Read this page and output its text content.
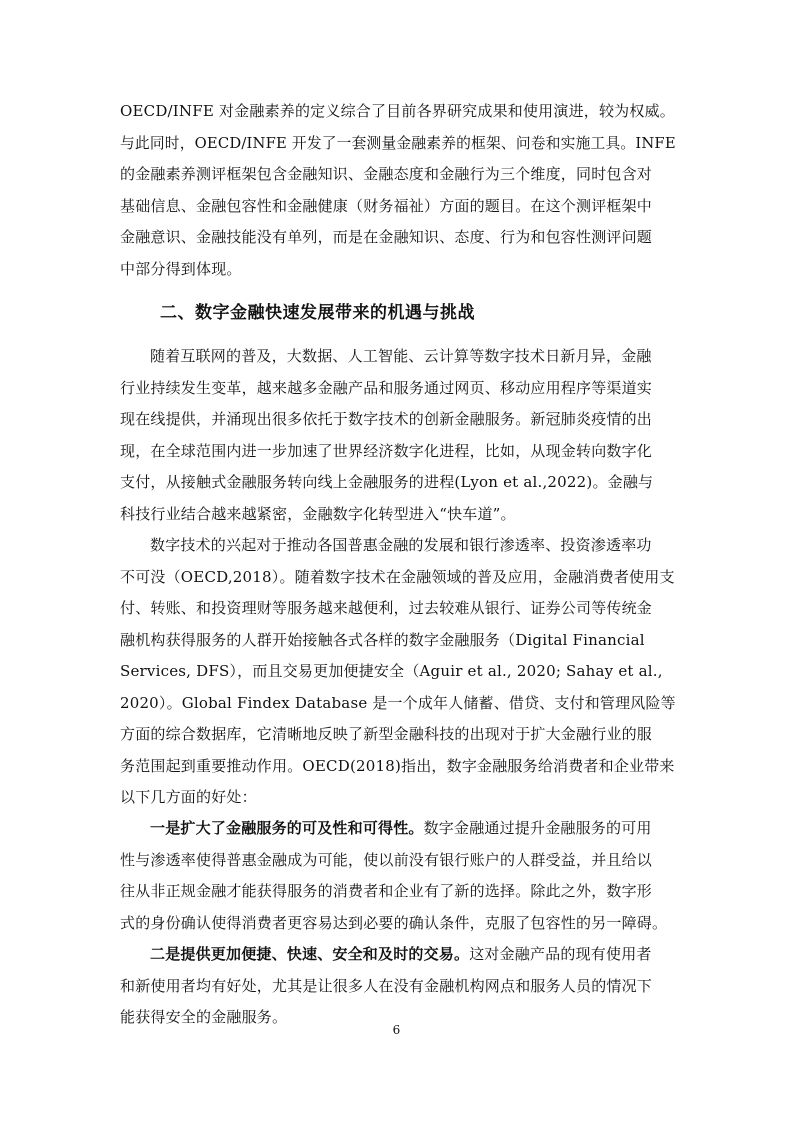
OECD/INFE 对金融素养的定义综合了目前各界研究成果和使用演进，较为权威。
与此同时，OECD/INFE 开发了一套测量金融素养的框架、问卷和实施工具。INFE
的金融素养测评框架包含金融知识、金融态度和金融行为三个维度，同时包含对
基础信息、金融包容性和金融健康（财务福祉）方面的题目。在这个测评框架中
金融意识、金融技能没有单列，而是在金融知识、态度、行为和包容性测评问题
中部分得到体现。
二、数字金融快速发展带来的机遇与挑战
随着互联网的普及，大数据、人工智能、云计算等数字技术日新月异，金融
行业持续发生变革，越来越多金融产品和服务通过网页、移动应用程序等渠道实
现在线提供，并涌现出很多依托于数字技术的创新金融服务。新冠肺炎疫情的出
现，在全球范围内进一步加速了世界经济数字化进程，比如，从现金转向数字化
支付，从接触式金融服务转向线上金融服务的进程(Lyon et al.,2022)。金融与
科技行业结合越来越紧密，金融数字化转型进入“快车道”。
数字技术的兴起对于推动各国普惠金融的发展和银行渗透率、投资渗透率功
不可没（OECD,2018）。随着数字技术在金融领域的普及应用，金融消费者使用支
付、转账、和投资理财等服务越来越便利，过去较难从银行、证券公司等传统金
融机构获得服务的人群开始接触各式各样的数字金融服务（Digital Financial
Services, DFS），而且交易更加便捷安全（Aguir et al., 2020; Sahay et al.,
2020）。Global Findex Database 是一个成年人储蓄、借贷、支付和管理风险等
方面的综合数据库，它清晰地反映了新型金融科技的出现对于扩大金融行业的服
务范围起到重要推动作用。OECD(2018)指出，数字金融服务给消费者和企业带来
以下几方面的好处：
一是扩大了金融服务的可及性和可得性。数字金融通过提升金融服务的可用
性与渗透率使得普惠金融成为可能，使以前没有银行账户的人群受益，并且给以
往从非正规金融才能获得服务的消费者和企业有了新的选择。除此之外，数字形
式的身份确认使得消费者更容易达到必要的确认条件，克服了包容性的另一障碍。
二是提供更加便捷、快速、安全和及时的交易。这对金融产品的现有使用者
和新使用者均有好处，尤其是让很多人在没有金融机构网点和服务人员的情况下
能获得安全的金融服务。
6
